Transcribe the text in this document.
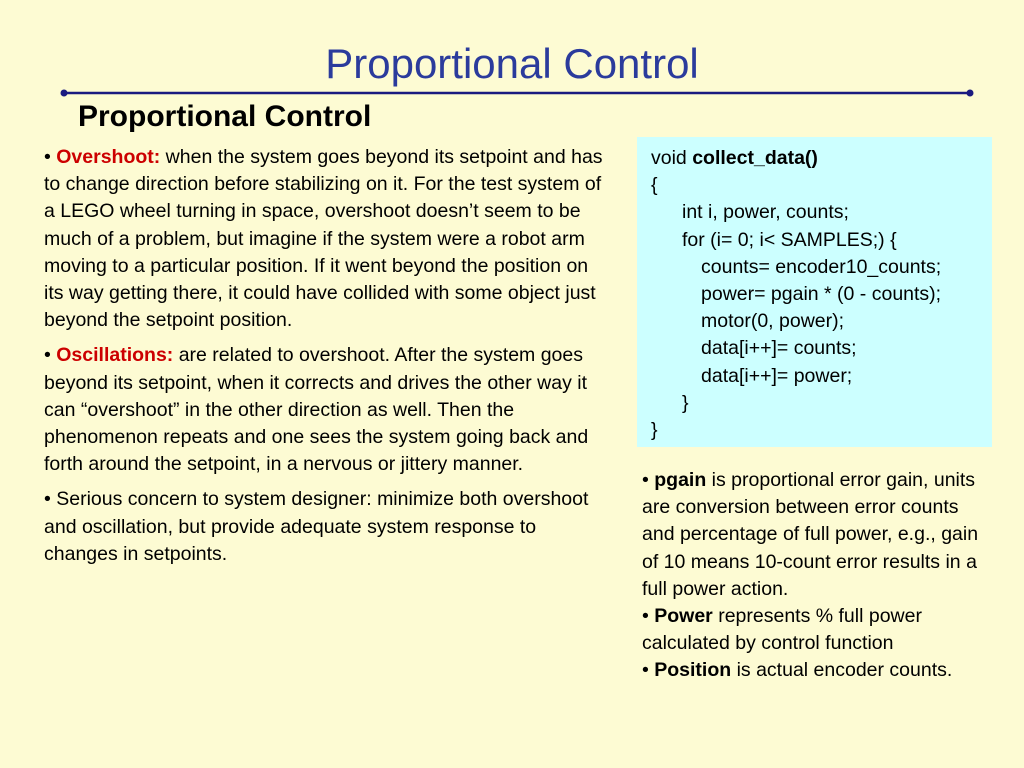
Proportional Control
Proportional Control

• Overshoot: when the system goes beyond its setpoint and has to change direction before stabilizing on it. For the test system of a LEGO wheel turning in space, overshoot doesn’t seem to be much of a problem, but imagine if the system were a robot arm moving to a particular position. If it went beyond the position on its way getting there, it could have collided with some object just beyond the setpoint position.

• Oscillations: are related to overshoot. After the system goes beyond its setpoint, when it corrects and drives the other way it can “overshoot” in the other direction as well. Then the phenomenon repeats and one sees the system going back and forth around the setpoint, in a nervous or jittery manner.

• Serious concern to system designer: minimize both overshoot and oscillation, but provide adequate system response to changes in setpoints.

void collect_data()
{
int i, power, counts;
for (i= 0; i< SAMPLES;) {
counts= encoder10_counts;
power= pgain * (0 - counts);
motor(0, power);
data[i++]= counts;
data[i++]= power;
}
}

• pgain is proportional error gain, units are conversion between error counts and percentage of full power, e.g., gain of 10 means 10-count error results in a full power action.

• Power represents % full power calculated by control function

• Position is actual encoder counts.
